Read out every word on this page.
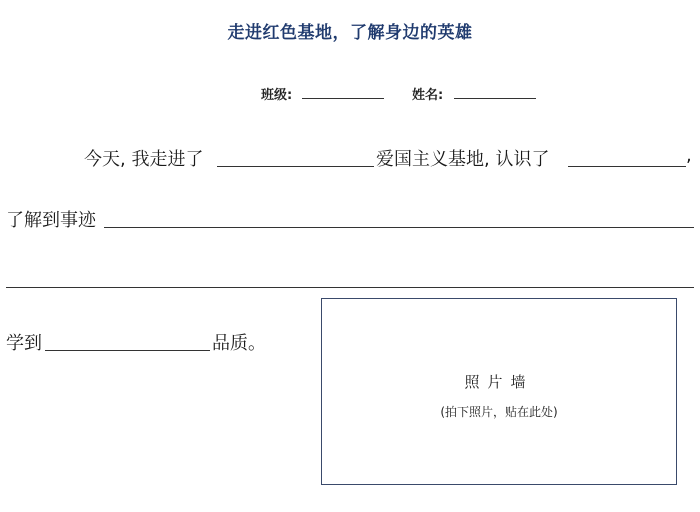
走进红色基地，了解身边的英雄
班级:	姓名:
今天, 我走进了	爱国主义基地, 认识了	,
了解到事迹
学到	品质。
照片墙
(拍下照片，贴在此处)
